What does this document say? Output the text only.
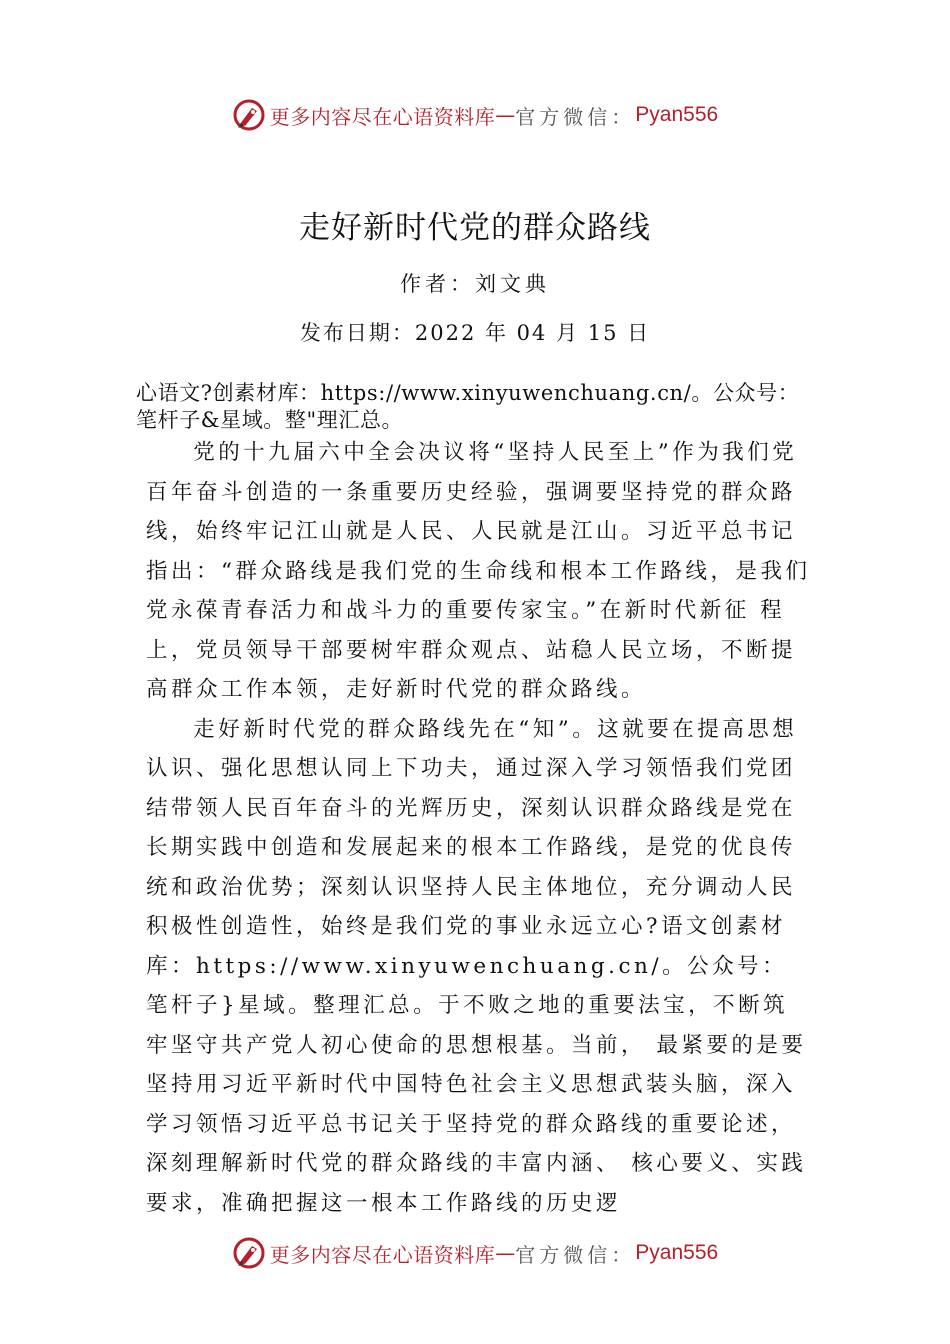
更多内容尽在心语资料库 — 官方微信： Pyan556
走好新时代党的群众路线
作者：刘文典
发布日期：2022 年 04 月 15 日
心语文?创素材库：https://www.xinyuwenchuang.cn/。公众号：笔杆子&星域。整"理汇总。

党的十九届六中全会决议将“坚持人民至上”作为我们党百年奋斗创造的一条重要历史经验，强调要坚持党的群众路线，始终牢记江山就是人民、人民就是江山。习近平总书记指出：“群众路线是我们党的生命线和根本工作路线，是我们党永葆青春活力和战斗力的重要传家宝。”在新时代新征 程上，党员领导干部要树牢群众观点、站稳人民立场，不断提高群众工作本领，走好新时代党的群众路线。

走好新时代党的群众路线先在“知”。这就要在提高思想认识、强化思想认同上下功夫，通过深入学习领悟我们党团结带领人民百年奋斗的光辉历史，深刻认识群众路线是党在长期实践中创造和发展起来的根本工作路线，是党的优良传统和政治优势；深刻认识坚持人民主体地位，充分调动人民积极性创造性，始终是我们党的事业永远立心?语文创素材库：https://www.xinyuwenchuang.cn/。公众号：笔杆子}星域。整理汇总。于不败之地的重要法宝，不断筑牢坚守共产党人初心使命的思想根基。当前， 最紧要的是要坚持用习近平新时代中国特色社会主义思想武装头脑，深入学习领悟习近平总书记关于坚持党的群众路线的重要论述，深刻理解新时代党的群众路线的丰富内涵、 核心要义、实践要求，准确把握这一根本工作路线的历史逻

更多内容尽在心语资料库 — 官方微信： Pyan556
